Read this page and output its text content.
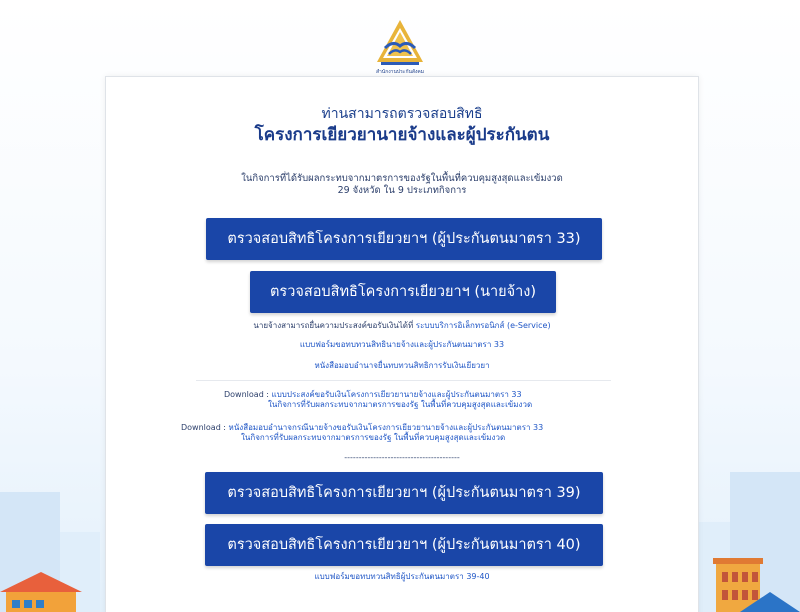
สำนักงานประกันสังคม
ท่านสามารถตรวจสอบสิทธิ
โครงการเยียวยานายจ้างและผู้ประกันตน
ในกิจการที่ได้รับผลกระทบจากมาตรการของรัฐในพื้นที่ควบคุมสูงสุดและเข้มงวด
29 จังหวัด ใน 9 ประเภทกิจการ
ตรวจสอบสิทธิโครงการเยียวยาฯ (ผู้ประกันตนมาตรา 33)
ตรวจสอบสิทธิโครงการเยียวยาฯ (นายจ้าง)
นายจ้างสามารถยื่นความประสงค์ขอรับเงินได้ที่ ระบบบริการอิเล็กทรอนิกส์ (e-Service)
แบบฟอร์มขอทบทวนสิทธินายจ้างและผู้ประกันตนมาตรา 33
หนังสือมอบอำนาจยื่นทบทวนสิทธิการรับเงินเยียวยา
Download : แบบประสงค์ขอรับเงินโครงการเยียวยานายจ้างและผู้ประกันตนมาตรา 33
ในกิจการที่รับผลกระทบจากมาตรการของรัฐ ในพื้นที่ควบคุมสูงสุดและเข้มงวด
Download : หนังสือมอบอำนาจกรณีนายจ้างขอรับเงินโครงการเยียวยานายจ้างและผู้ประกันตนมาตรา 33
ในกิจการที่รับผลกระทบจากมาตรการของรัฐ ในพื้นที่ควบคุมสูงสุดและเข้มงวด
----------------------------------------
ตรวจสอบสิทธิโครงการเยียวยาฯ (ผู้ประกันตนมาตรา 39)
ตรวจสอบสิทธิโครงการเยียวยาฯ (ผู้ประกันตนมาตรา 40)
แบบฟอร์มขอทบทวนสิทธิผู้ประกันตนมาตรา 39-40
